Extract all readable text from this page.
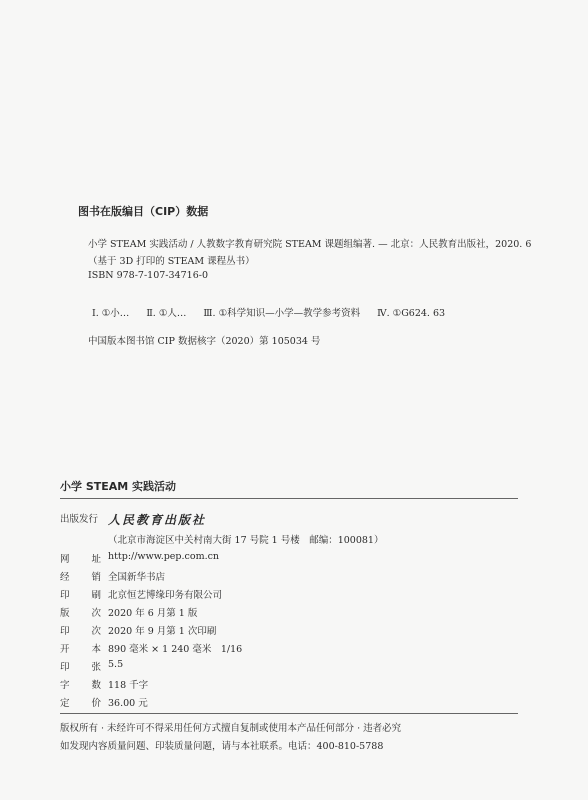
图书在版编目（CIP）数据
小学 STEAM 实践活动 / 人教数字教育研究院 STEAM 课题组编著. — 北京：人民教育出版社，2020. 6
（基于 3D 打印的 STEAM 课程丛书）
ISBN 978-7-107-34716-0
Ⅰ. ①小… Ⅱ. ①人… Ⅲ. ①科学知识—小学—教学参考资料 Ⅳ. ①G624. 63
中国版本图书馆 CIP 数据核字（2020）第 105034 号
小学 STEAM 实践活动
出版发行 人民教育出版社
（北京市海淀区中关村南大街 17 号院 1 号楼　邮编：100081）
网　　址 http://www.pep.com.cn
经　　销 全国新华书店
印　　刷 北京恒艺博缘印务有限公司
版　　次 2020 年 6 月第 1 版
印　　次 2020 年 9 月第 1 次印刷
开　　本 890 毫米 × 1 240 毫米　1/16
印　　张 5.5
字　　数 118 千字
定　　价 36.00 元
版权所有 · 未经许可不得采用任何方式擅自复制或使用本产品任何部分 · 违者必究
如发现内容质量问题、印装质量问题，请与本社联系。电话：400-810-5788
